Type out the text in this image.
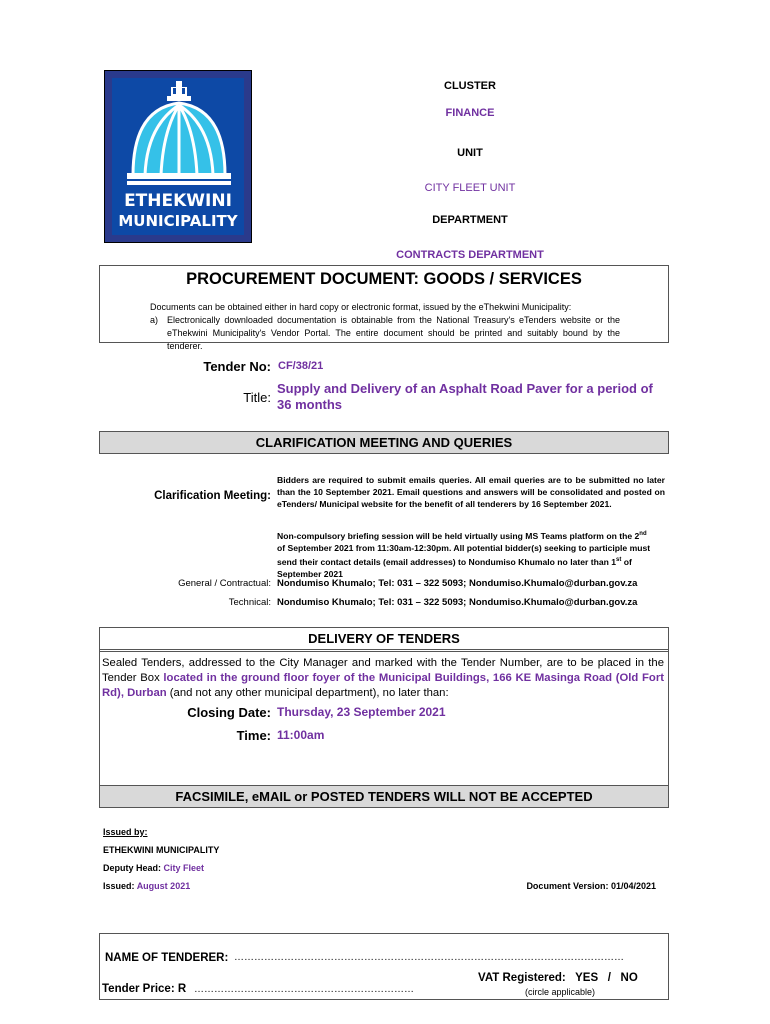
ETHEKWINI
MUNICIPALITY
CLUSTER
FINANCE
UNIT
CITY FLEET UNIT
DEPARTMENT
CONTRACTS DEPARTMENT
PROCUREMENT DOCUMENT: GOODS / SERVICES
Documents can be obtained either in hard copy or electronic format, issued by the eThekwini Municipality:
a) Electronically downloaded documentation is obtainable from the National Treasury's eTenders website or the eThekwini Municipality's Vendor Portal. The entire document should be printed and suitably bound by the tenderer.
Tender No: CF/38/21
Title:
Supply and Delivery of an Asphalt Road Paver for a period of 36 months
CLARIFICATION MEETING AND QUERIES
Clarification Meeting:
Bidders are required to submit emails queries. All email queries are to be submitted no later than the 10 September 2021. Email questions and answers will be consolidated and posted on eTenders/ Municipal website for the benefit of all tenderers by 16 September 2021.
Non-compulsory briefing session will be held virtually using MS Teams platform on the 2nd of September 2021 from 11:30am-12:30pm. All potential bidder(s) seeking to participle must send their contact details (email addresses) to Nondumiso Khumalo no later than 1st of September 2021
General / Contractual: Nondumiso Khumalo; Tel: 031 – 322 5093; Nondumiso.Khumalo@durban.gov.za
Technical: Nondumiso Khumalo; Tel: 031 – 322 5093; Nondumiso.Khumalo@durban.gov.za
DELIVERY OF TENDERS
Sealed Tenders, addressed to the City Manager and marked with the Tender Number, are to be placed in the Tender Box located in the ground floor foyer of the Municipal Buildings, 166 KE Masinga Road (Old Fort Rd), Durban (and not any other municipal department), no later than:
Closing Date: Thursday, 23 September 2021
Time: 11:00am
FACSIMILE, eMAIL or POSTED TENDERS WILL NOT BE ACCEPTED
Issued by:
ETHEKWINI MUNICIPALITY
Deputy Head: City Fleet
Issued: August 2021	Document Version: 01/04/2021
NAME OF TENDERER: ………………………………………………………………………………………………………
VAT Registered:   YES   /   NO
Tender Price: R …………………………………………………………	(circle applicable)
